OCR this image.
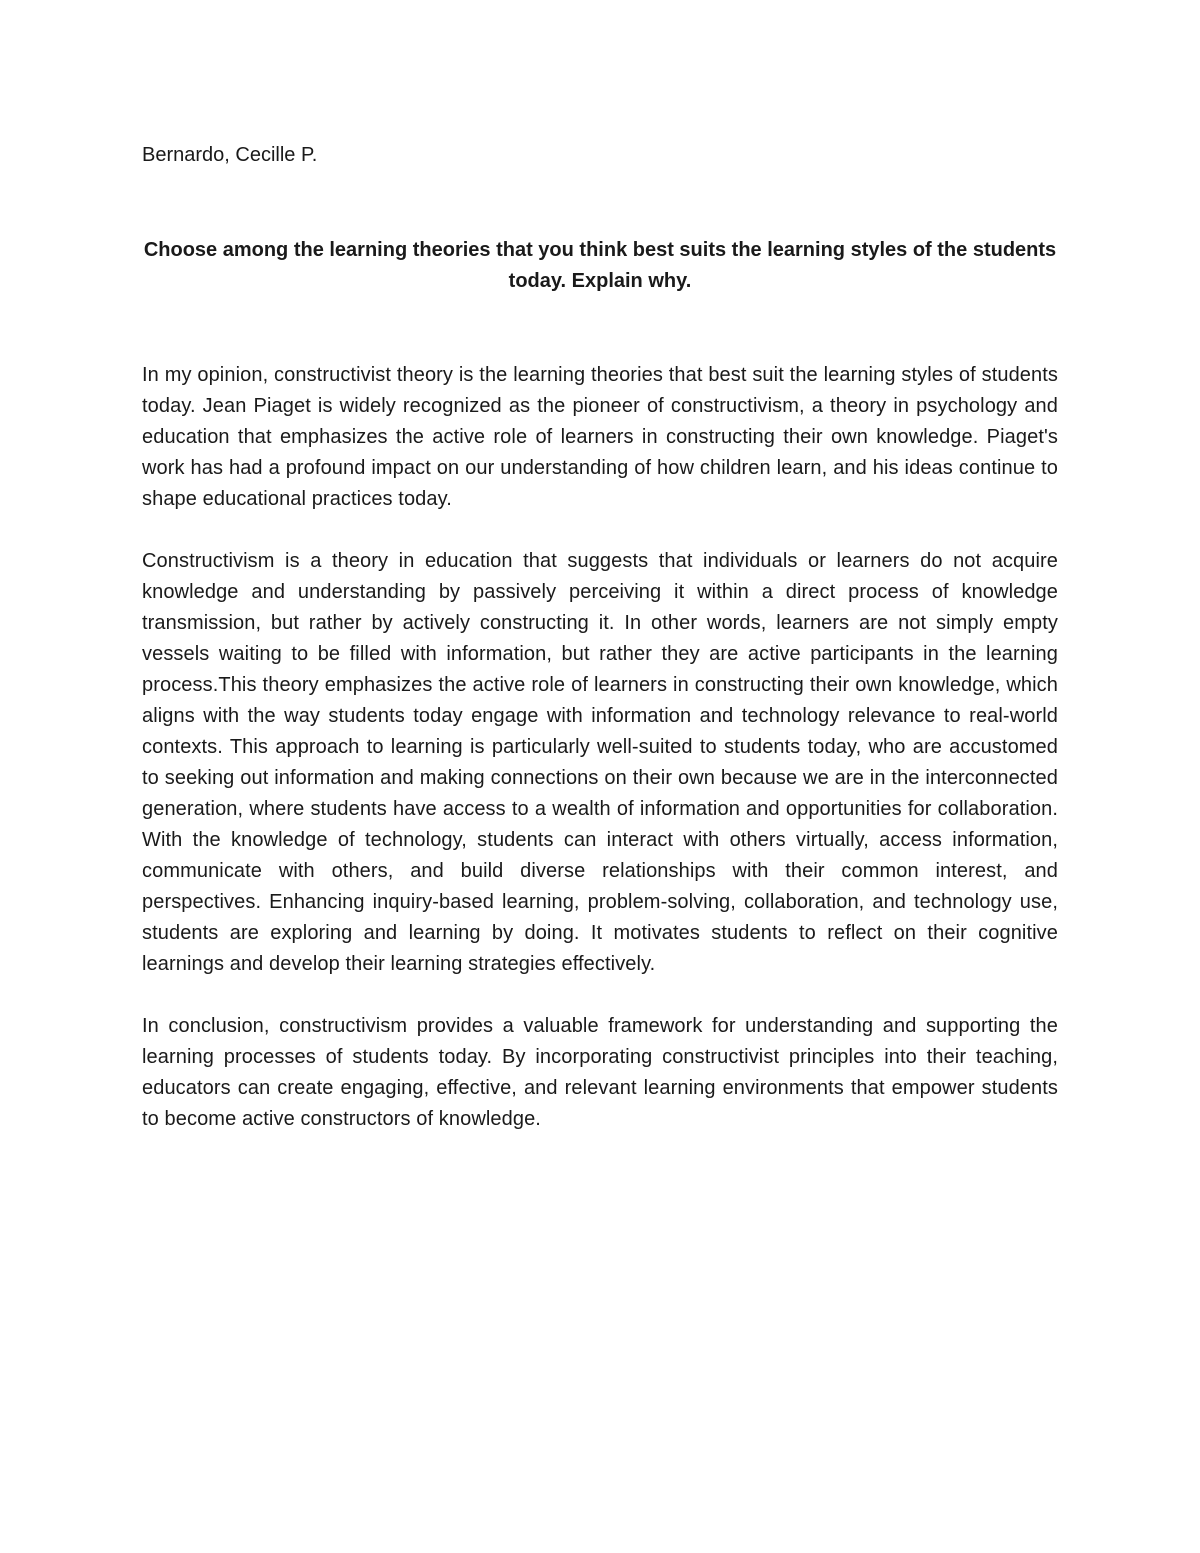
Bernardo, Cecille P.

Choose among the learning theories that you think best suits the learning styles of the students today. Explain why.

In my opinion, constructivist theory is the learning theories that best suit the learning styles of students today. Jean Piaget is widely recognized as the pioneer of constructivism, a theory in psychology and education that emphasizes the active role of learners in constructing their own knowledge. Piaget's work has had a profound impact on our understanding of how children learn, and his ideas continue to shape educational practices today.

Constructivism is a theory in education that suggests that individuals or learners do not acquire knowledge and understanding by passively perceiving it within a direct process of knowledge transmission, but rather by actively constructing it. In other words, learners are not simply empty vessels waiting to be filled with information, but rather they are active participants in the learning process.This theory emphasizes the active role of learners in constructing their own knowledge, which aligns with the way students today engage with information and technology relevance to real-world contexts. This approach to learning is particularly well-suited to students today, who are accustomed to seeking out information and making connections on their own because we are in the interconnected generation, where students have access to a wealth of information and opportunities for collaboration. With the knowledge of technology, students can interact with others virtually, access information, communicate with others, and build diverse relationships with their common interest, and perspectives. Enhancing inquiry-based learning, problem-solving, collaboration, and technology use, students are exploring and learning by doing. It motivates students to reflect on their cognitive learnings and develop their learning strategies effectively.

In conclusion, constructivism provides a valuable framework for understanding and supporting the learning processes of students today. By incorporating constructivist principles into their teaching, educators can create engaging, effective, and relevant learning environments that empower students to become active constructors of knowledge.
